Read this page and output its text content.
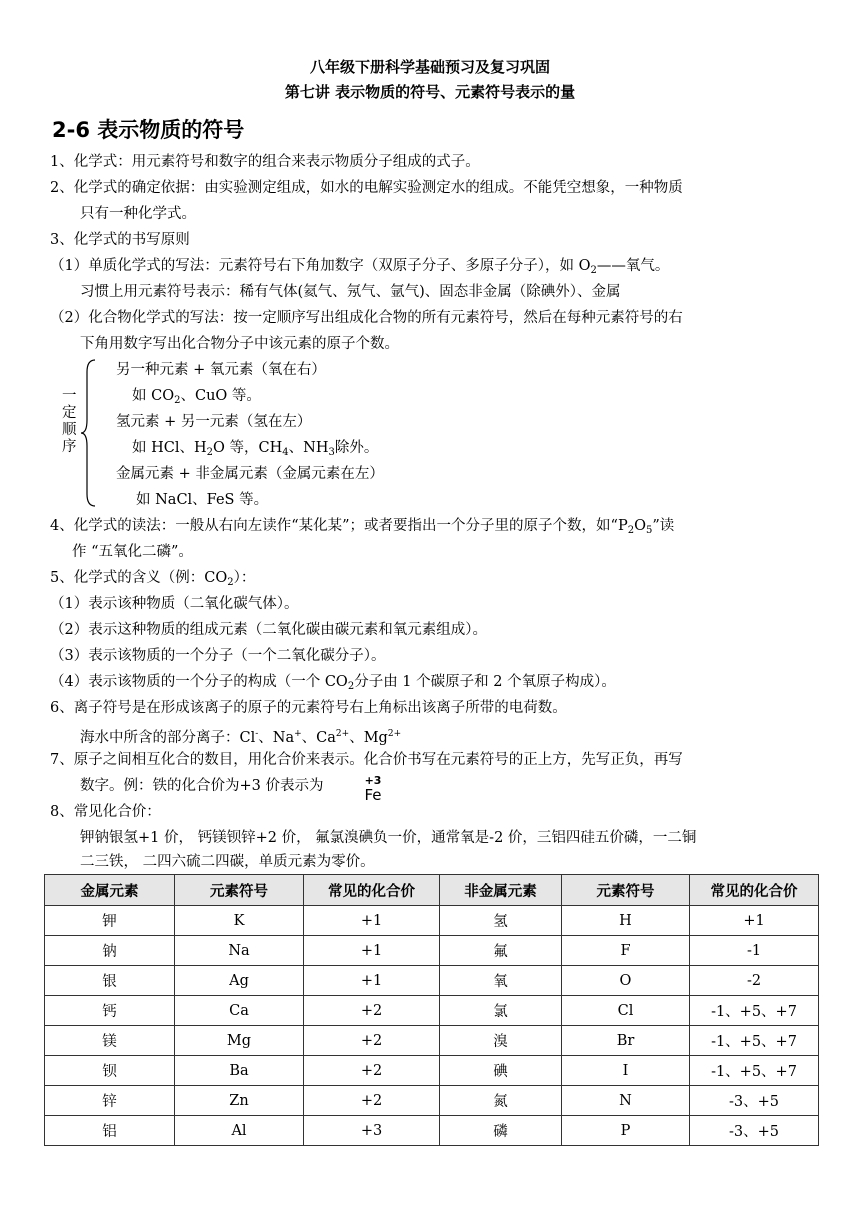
八年级下册科学基础预习及复习巩固
第七讲 表示物质的符号、元素符号表示的量
2-6 表示物质的符号
1、化学式：用元素符号和数字的组合来表示物质分子组成的式子。
2、化学式的确定依据：由实验测定组成，如水的电解实验测定水的组成。不能凭空想象，一种物质
只有一种化学式。
3、化学式的书写原则
（1）单质化学式的写法：元素符号右下角加数字（双原子分子、多原子分子），如 $O_2——$氧气。
习惯上用元素符号表示：稀有气体(氦气、氖气、氩气)、固态非金属（除碘外）、金属
（2）化合物化学式的写法：按一定顺序写出组成化合物的所有元素符号，然后在每种元素符号的右
下角用数字写出化合物分子中该元素的原子个数。
一
定
顺
序
另一种元素 + 氧元素（氧在右）
如 $CO_2$、CuO 等。
氢元素 + 另一元素（氢在左）
如 HCl、$H_2O$ 等，$CH_4$、$NH_3$除外。
金属元素 + 非金属元素（金属元素在左）
如 NaCl、FeS 等。
4、化学式的读法：一般从右向左读作“某化某”；或者要指出一个分子里的原子个数，如“$P_2O_5$”读
作 “五氧化二磷”。
5、化学式的含义（例：$CO_2$）：
（1）表示该种物质（二氧化碳气体）。
（2）表示这种物质的组成元素（二氧化碳由碳元素和氧元素组成）。
（3）表示该物质的一个分子（一个二氧化碳分子）。
（4）表示该物质的一个分子的构成（一个 $CO_2$分子由 1 个碳原子和 2 个氧原子构成）。
6、离子符号是在形成该离子的原子的元素符号右上角标出该离子所带的电荷数。
海水中所含的部分离子：Cl-、Na+、$Ca^{2+}$、$Mg^{2+}$
7、原子之间相互化合的数目，用化合价来表示。化合价书写在元素符号的正上方，先写正负，再写
数字。例：铁的化合价为+3 价表示为	+3
Fe
8、常见化合价：
钾钠银氢+1 价， 钙镁钡锌+2 价， 氟氯溴碘负一价，通常氧是-2 价，三铝四硅五价磷，一二铜
二三铁， 二四六硫二四碳，单质元素为零价。
金属元素	元素符号	常见的化合价	非金属元素	元素符号	常见的化合价
钾	K	+1	氢	H	+1
钠	Na	+1	氟	F	-1
银	Ag	+1	氧	O	-2
钙	Ca	+2	氯	Cl	-1、+5、+7
镁	Mg	+2	溴	Br	-1、+5、+7
钡	Ba	+2	碘	I	-1、+5、+7
锌	Zn	+2	氮	N	-3、+5
铝	Al	+3	磷	P	-3、+5
